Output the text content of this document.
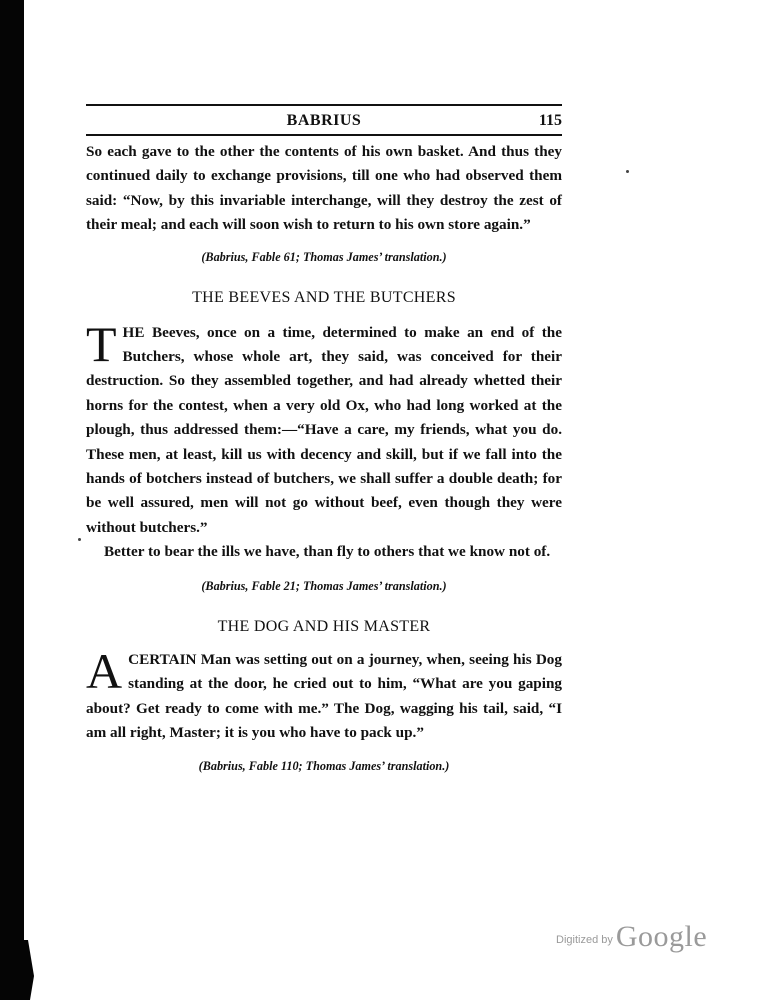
BABRIUS	115

So each gave to the other the contents of his own basket. And thus they continued daily to exchange provisions, till one who had observed them said: “Now, by this invariable interchange, will they destroy the zest of their meal; and each will soon wish to return to his own store again.”

(Babrius, Fable 61; Thomas James’ translation.)

THE BEEVES AND THE BUTCHERS

THE Beeves, once on a time, determined to make an end of the Butchers, whose whole art, they said, was conceived for their destruction. So they assembled together, and had already whetted their horns for the contest, when a very old Ox, who had long worked at the plough, thus addressed them:—“Have a care, my friends, what you do. These men, at least, kill us with decency and skill, but if we fall into the hands of botchers instead of butchers, we shall suffer a double death; for be well assured, men will not go without beef, even though they were without butchers.”

Better to bear the ills we have, than fly to others that we know not of.

(Babrius, Fable 21; Thomas James’ translation.)

THE DOG AND HIS MASTER

ACERTAIN Man was setting out on a journey, when, seeing his Dog standing at the door, he cried out to him, “What are you gaping about? Get ready to come with me.” The Dog, wagging his tail, said, “I am all right, Master; it is you who have to pack up.”

(Babrius, Fable 110; Thomas James’ translation.)

Digitized by Google
